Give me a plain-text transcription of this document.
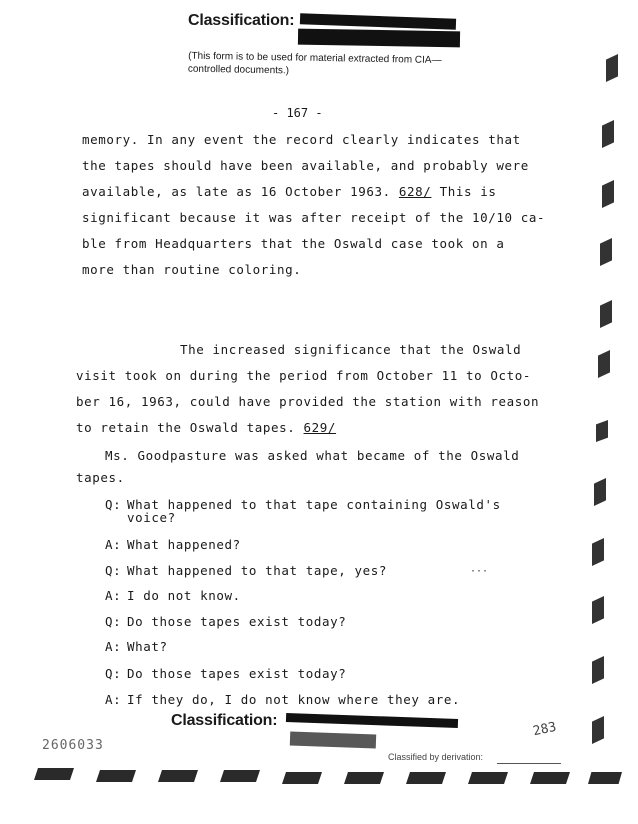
Classification:
(This form is to be used for material extracted from CIA—controlled documents.)
- 167 -
memory. In any event the record clearly indicates that
the tapes should have been available, and probably were
available, as late as 16 October 1963. 628/ This is
significant because it was after receipt of the 10/10 ca-
ble from Headquarters that the Oswald case took on a
more than routine coloring.
The increased significance that the Oswald
visit took on during the period from October 11 to Octo-
ber 16, 1963, could have provided the station with reason
to retain the Oswald tapes. 629/
Ms. Goodpasture was asked what became of the Oswald
tapes.
Q: What happened to that tape containing Oswald's
voice?
A: What happened?
Q: What happened to that tape, yes?
A: I do not know.
Q: Do those tapes exist today?
A: What?
Q: Do those tapes exist today?
A: If they do, I do not know where they are.
···
Classification:
Classified by derivation:
2606033
283
